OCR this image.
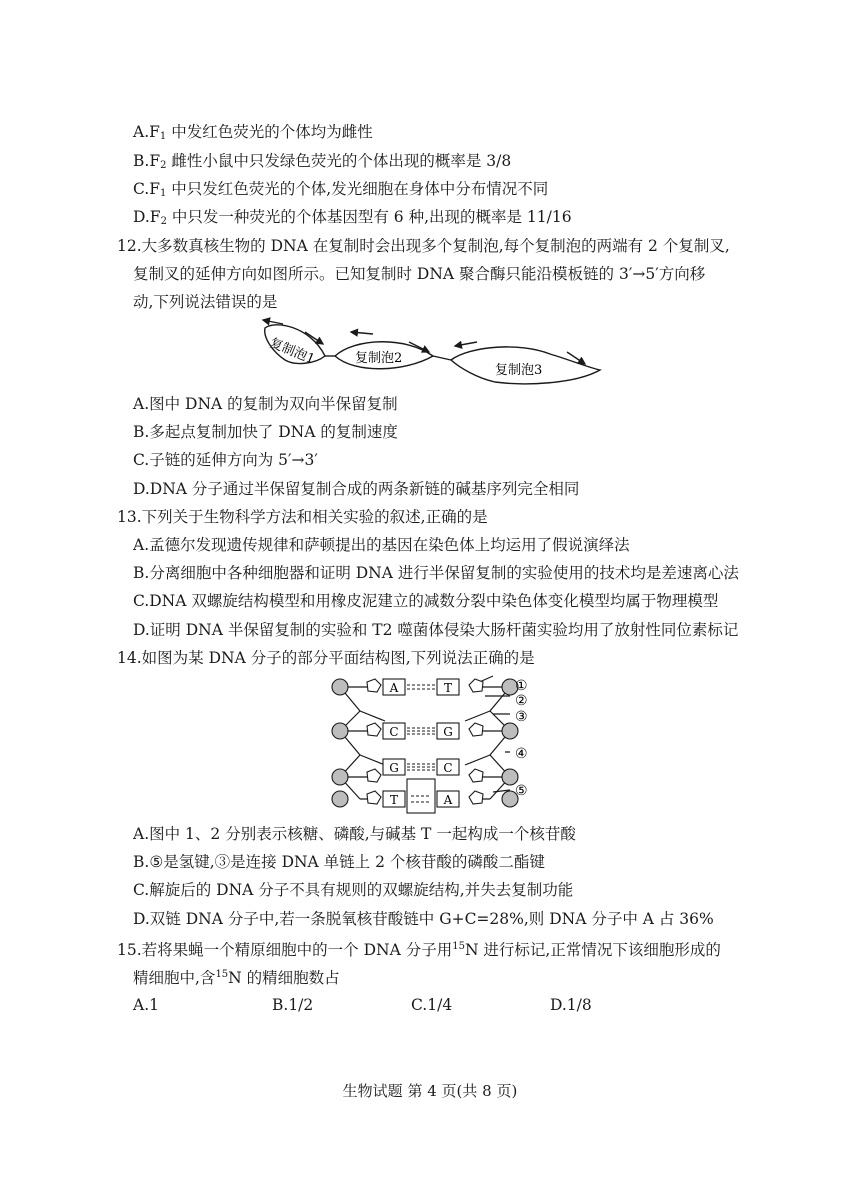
$A.F_1$ 中发红色荧光的个体均为雌性
$B.F_2$ 雌性小鼠中只发绿色荧光的个体出现的概率是 3/8
$C.F_1$ 中只发红色荧光的个体,发光细胞在身体中分布情况不同
$D.F_2$ 中只发一种荧光的个体基因型有 6 种,出现的概率是 11/16
12.大多数真核生物的 DNA 在复制时会出现多个复制泡,每个复制泡的两端有 2 个复制叉,
复制叉的延伸方向如图所示。已知复制时 DNA 聚合酶只能沿模板链的 3′→5′方向移
动,下列说法错误的是
复制泡1	复制泡2
复制泡3
A.图中 DNA 的复制为双向半保留复制
B.多起点复制加快了 DNA 的复制速度
C.子链的延伸方向为 5′→3′
D.DNA 分子通过半保留复制合成的两条新链的碱基序列完全相同
13.下列关于生物科学方法和相关实验的叙述,正确的是
A.孟德尔发现遗传规律和萨顿提出的基因在染色体上均运用了假说演绎法
B.分离细胞中各种细胞器和证明 DNA 进行半保留复制的实验使用的技术均是差速离心法
C.DNA 双螺旋结构模型和用橡皮泥建立的减数分裂中染色体变化模型均属于物理模型
D.证明 DNA 半保留复制的实验和 T2 噬菌体侵染大肠杆菌实验均用了放射性同位素标记
14.如图为某 DNA 分子的部分平面结构图,下列说法正确的是
A	T
C	G
G	C
T	A
①
②
③
④
⑤
A.图中 1、2 分别表示核糖、磷酸,与碱基 T 一起构成一个核苷酸
B.⑤是氢键,③是连接 DNA 单链上 2 个核苷酸的磷酸二酯键
C.解旋后的 DNA 分子不具有规则的双螺旋结构,并失去复制功能
D.双链 DNA 分子中,若一条脱氧核苷酸链中 G+C=28%,则 DNA 分子中 A 占 36%
15.若将果蝇一个精原细胞中的一个 DNA 分子用$^{15}$N 进行标记,正常情况下该细胞形成的
精细胞中,含$^{15}$N 的精细胞数占
A.1	B.1/2	C.1/4	D.1/8
生物试题 第 4 页(共 8 页)
